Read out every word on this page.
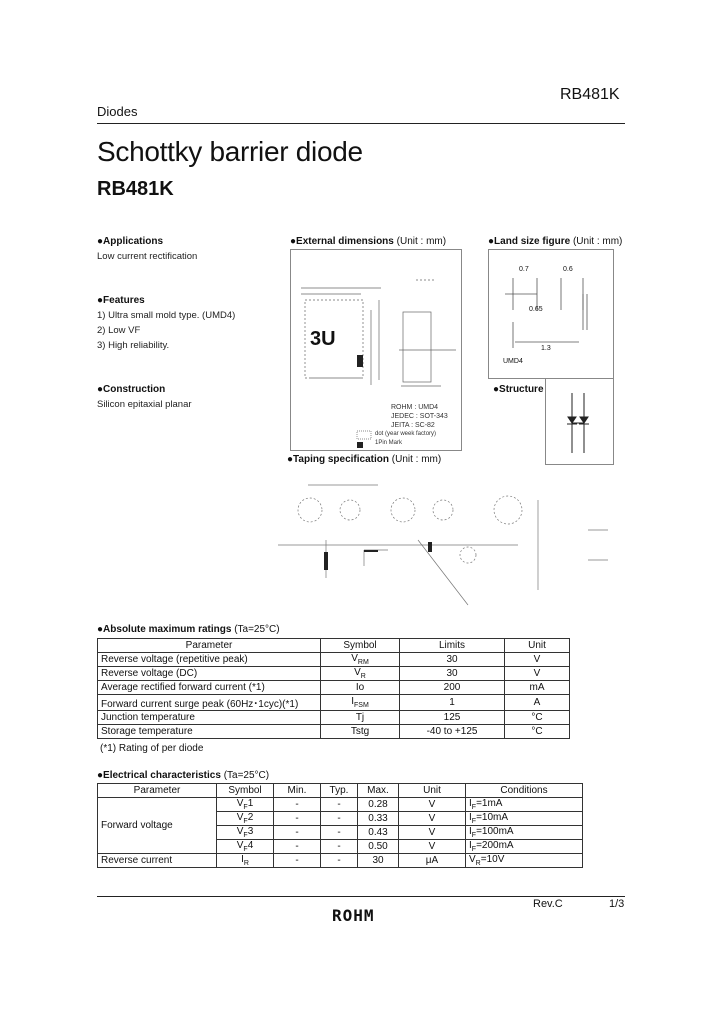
RB481K
Diodes
Schottky barrier diode
RB481K
●Applications
Low current rectification
●Features
1) Ultra small mold type. (UMD4)
2) Low VF
3) High reliability.
●Construction
Silicon epitaxial planar
●External dimensions (Unit : mm)
3U
ROHM : UMD4
JEDEC : SOT-343
JEITA : SC-82
dot (year week factory)
1Pin Mark
●Land size figure (Unit : mm)
0.7	0.6
0.65
1.3
UMD4
●Structure
●Taping specification (Unit : mm)
●Absolute maximum ratings (Ta=25°C)
Parameter	Symbol	Limits	Unit
Reverse voltage (repetitive peak)	$V_{RM}$	30	V
Reverse voltage (DC)	$V_R$	30	V
Average rectified forward current (*1)	Io	200	mA
Forward current surge peak (60Hz･1cyc)(*1)	$I_{FSM}$	1	A
Junction temperature	Tj	125	°C
Storage temperature	Tstg	-40 to +125	°C
(*1) Rating of per diode
●Electrical characteristics (Ta=25°C)
Parameter	Symbol	Min.	Typ.	Max.	Unit	Conditions
Forward voltage	$V_F1$	-	-	0.28	V	$I_F=1mA$
	$V_F2$	-	-	0.33	V	$I_F=10mA$
	$V_F3$	-	-	0.43	V	$I_F=100mA$
	$V_F4$	-	-	0.50	V	$I_F=200mA$
Reverse current	$I_R$	-	-	30	μA	$V_R=10V$
Rev.C	1/3
ROHM
